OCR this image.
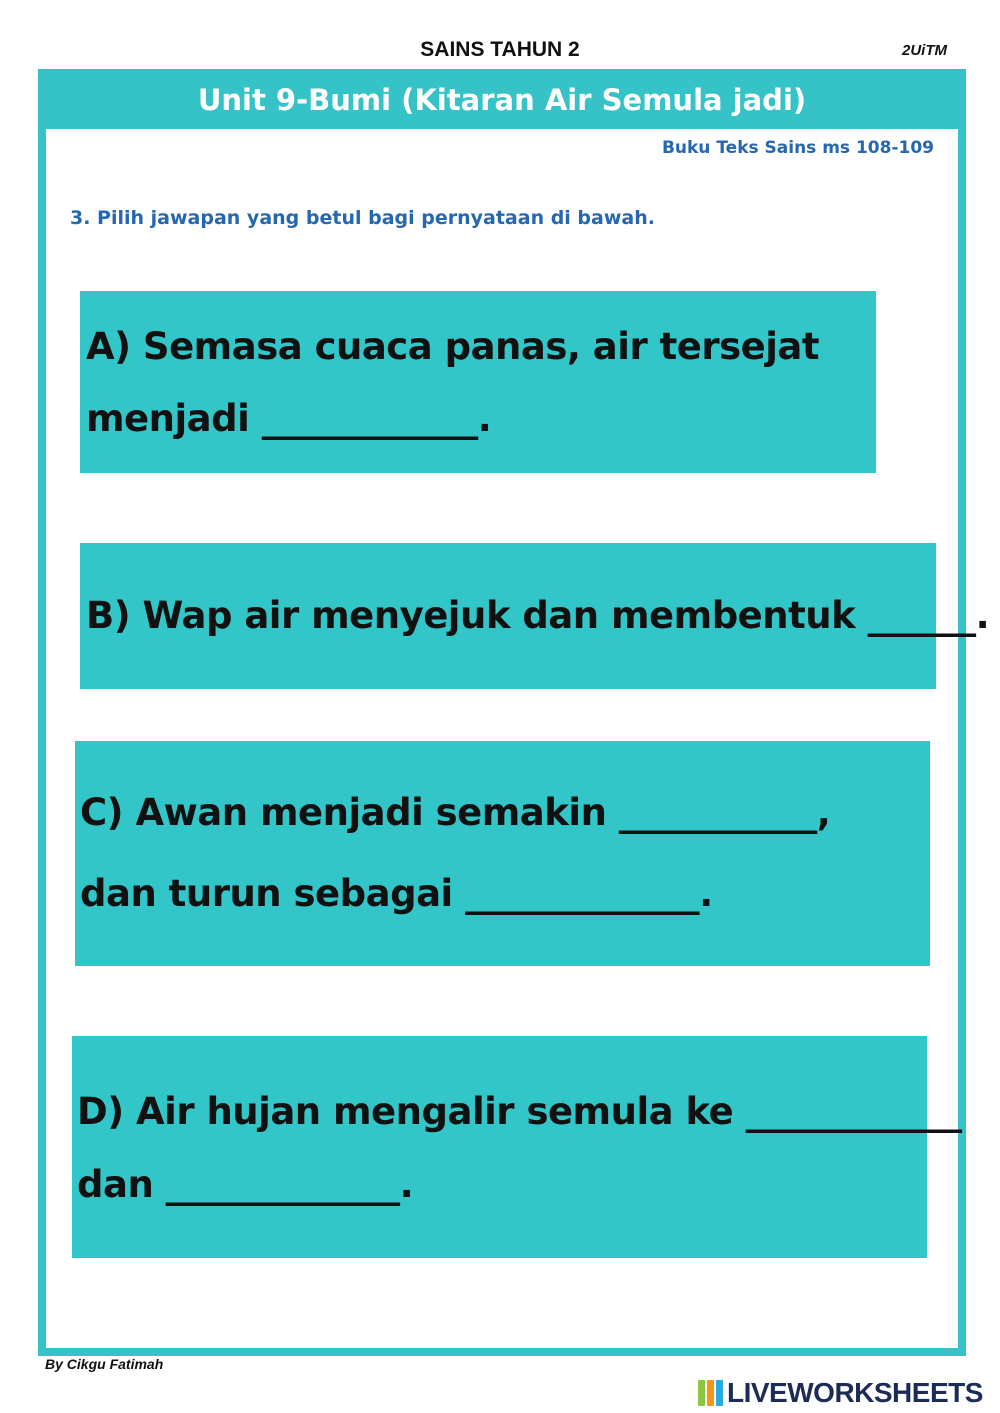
SAINS TAHUN 2	2UiTM
Unit 9-Bumi (Kitaran Air Semula jadi)
Buku Teks Sains ms 108-109
3. Pilih jawapan yang betul bagi pernyataan di bawah.
A) Semasa cuaca panas, air tersejat
menjadi ____________.
B) Wap air menyejuk dan membentuk ______.
C) Awan menjadi semakin ___________,
dan turun sebagai _____________.
D) Air hujan mengalir semula ke ____________
dan _____________.
By Cikgu Fatimah
LIVEWORKSHEETS
